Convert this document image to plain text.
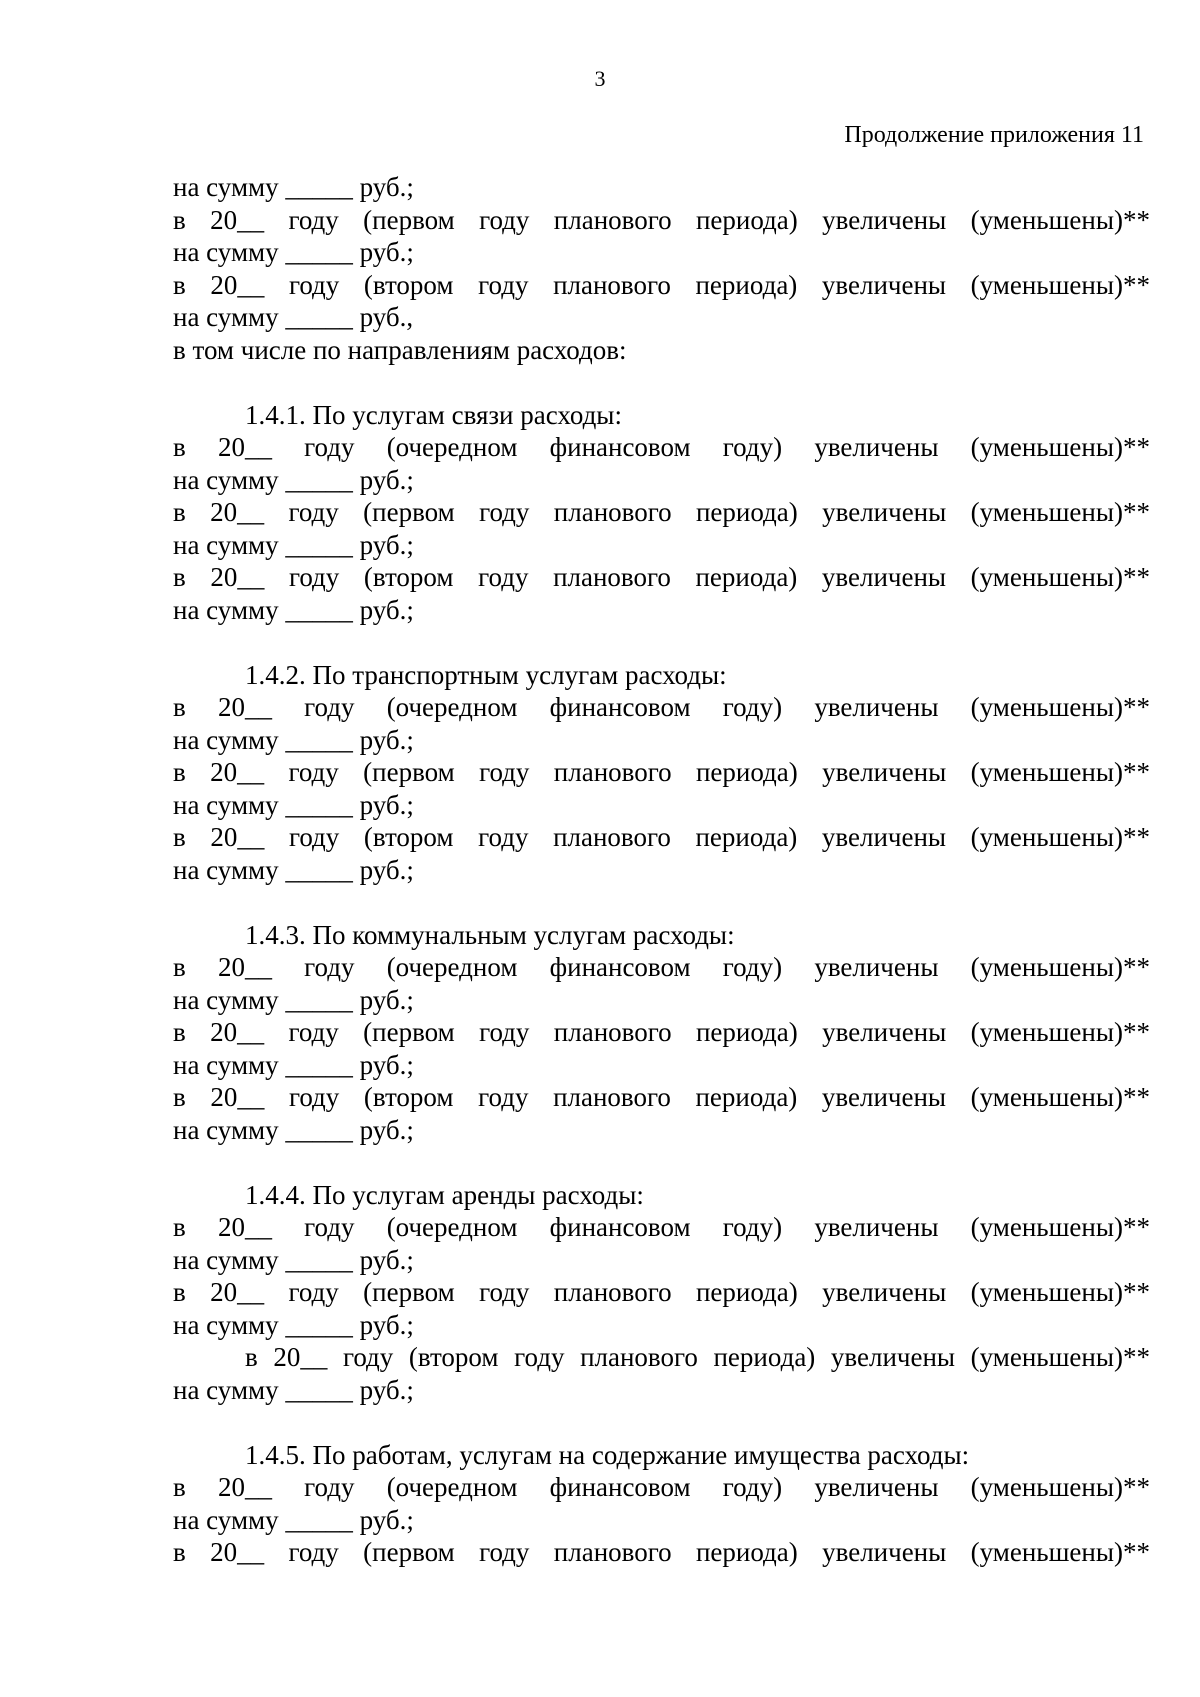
3
Продолжение приложения 11
на сумму _____ руб.;
в 20__ году (первом году планового периода) увеличены (уменьшены)**
на сумму _____ руб.;
в 20__ году (втором году планового периода) увеличены (уменьшены)**
на сумму _____ руб.,
в том числе по направлениям расходов:
1.4.1. По услугам связи расходы:
в 20__ году (очередном финансовом году) увеличены (уменьшены)**
на сумму _____ руб.;
в 20__ году (первом году планового периода) увеличены (уменьшены)**
на сумму _____ руб.;
в 20__ году (втором году планового периода) увеличены (уменьшены)**
на сумму _____ руб.;
1.4.2. По транспортным услугам расходы:
в 20__ году (очередном финансовом году) увеличены (уменьшены)**
на сумму _____ руб.;
в 20__ году (первом году планового периода) увеличены (уменьшены)**
на сумму _____ руб.;
в 20__ году (втором году планового периода) увеличены (уменьшены)**
на сумму _____ руб.;
1.4.3. По коммунальным услугам расходы:
в 20__ году (очередном финансовом году) увеличены (уменьшены)**
на сумму _____ руб.;
в 20__ году (первом году планового периода) увеличены (уменьшены)**
на сумму _____ руб.;
в 20__ году (втором году планового периода) увеличены (уменьшены)**
на сумму _____ руб.;
1.4.4. По услугам аренды расходы:
в 20__ году (очередном финансовом году) увеличены (уменьшены)**
на сумму _____ руб.;
в 20__ году (первом году планового периода) увеличены (уменьшены)**
на сумму _____ руб.;
в 20__ году (втором году планового периода) увеличены (уменьшены)**
на сумму _____ руб.;
1.4.5. По работам, услугам на содержание имущества расходы:
в 20__ году (очередном финансовом году) увеличены (уменьшены)**
на сумму _____ руб.;
в 20__ году (первом году планового периода) увеличены (уменьшены)**
